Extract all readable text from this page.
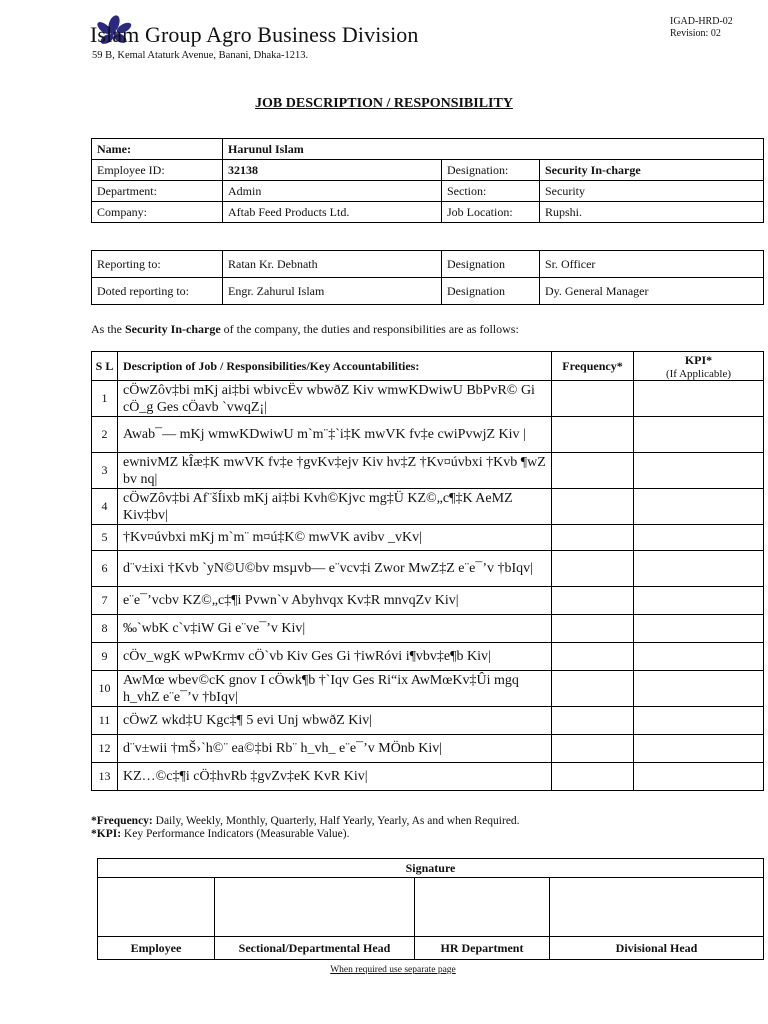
Islam Group Agro Business Division
59 B, Kemal Ataturk Avenue, Banani, Dhaka-1213.
IGAD-HRD-02
Revision: 02
JOB DESCRIPTION / RESPONSIBILITY
Name:	Harunul Islam		
Employee ID:	32138	Designation:	Security In-charge
Department:	Admin	Section:	Security
Company:	Aftab Feed Products Ltd.	Job Location:	Rupshi.
Reporting to:	Ratan Kr. Debnath	Designation	Sr. Officer
Doted reporting to:	Engr. Zahurul Islam	Designation	Dy. General Manager
As the Security In-charge of the company, the duties and responsibilities are as follows:
S L	Description of Job / Responsibilities/Key Accountabilities:	Frequency*	KPI*
(If Applicable)

1	cÖwZôv‡bi mKj ai‡bi wbivcËv wbwðZ Kiv wmwKDwiwU BbPvR© Gi cÖ_g Ges cÖavb `vwqZ¡|		
2	Awab¯— mKj wmwKDwiwU m`m¨‡`i‡K mwVK fv‡e cwiPvwjZ Kiv |		
3	ewnivMZ kÎæ‡K mwVK fv‡e †gvKv‡ejv Kiv hv‡Z †Kv¤úvbxi †Kvb ¶wZ bv nq|		
4	cÖwZôv‡bi Af¨šÍixb mKj ai‡bi Kvh©Kjvc mg‡Ü KZ©„c¶‡K AeMZ Kiv‡bv|		
5	†Kv¤úvbxi mKj m`m¨ m¤ú‡K© mwVK avibv _vKv|		
6	d¨v±ixi †Kvb `yN©U©bv msµvb— e¨vcv‡i Zwor MwZ‡Z e¨e¯’v †bIqv|		
7	e¨e¯’vcbv KZ©„c‡¶i Pvwn`v Abyhvqx Kv‡R mnvqZv Kiv|		
8	‰`wbK c`v‡iW Gi e¨ve¯’v Kiv|		
9	cÖv_wgK wPwKrmv cÖ`vb Kiv Ges Gi †iwRóvi i¶vbv‡e¶b Kiv|		
10	AwMœ wbev©cK gnov I cÖwk¶b †`Iqv Ges Ri“ix AwMœKv‡Ûi mgq h_vhZ e¨e¯’v †bIqv|		
11	cÖwZ wkd‡U Kgc‡¶ 5 evi Unj wbwðZ Kiv|		
12	d¨v±wii †mŠ›`h©¨ ea©‡bi Rb¨ h_vh_ e¨e¯’v MÖnb Kiv|		
13	KZ…©c‡¶i cÖ‡hvRb ‡gvZv‡eK KvR Kiv|		
*Frequency: Daily, Weekly, Monthly, Quarterly, Half Yearly, Yearly, As and when Required.
*KPI: Key Performance Indicators (Measurable Value).
Signature			

Employee	Sectional/Departmental Head	HR Department	Divisional Head
When required use separate page
